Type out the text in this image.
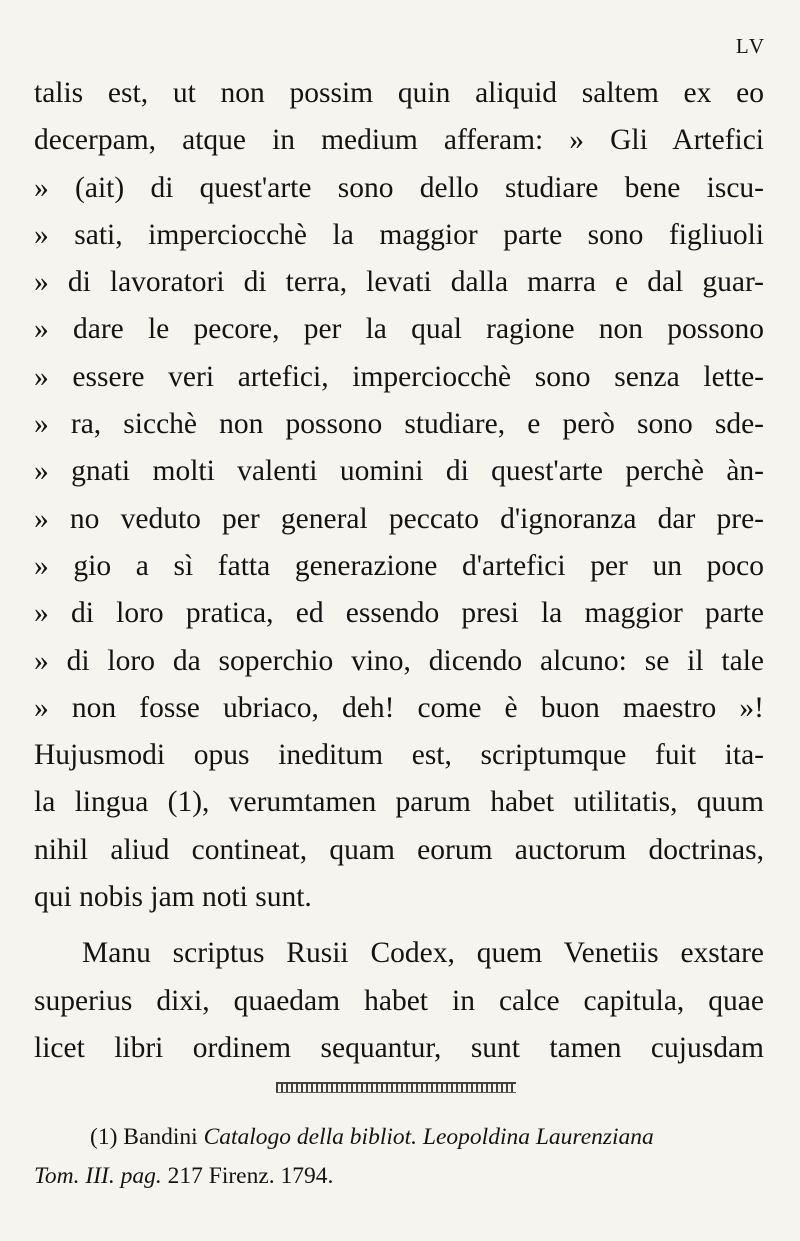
LV
talis est, ut non possim quin aliquid saltem ex eo
decerpam, atque in medium afferam: » Gli Artefici
» (ait) di quest'arte sono dello studiare bene iscu-
» sati, imperciocchè la maggior parte sono figliuoli
» di lavoratori di terra, levati dalla marra e dal guar-
» dare le pecore, per la qual ragione non possono
» essere veri artefici, imperciocchè sono senza lette-
» ra, sicchè non possono studiare, e però sono sde-
» gnati molti valenti uomini di quest'arte perchè àn-
» no veduto per general peccato d'ignoranza dar pre-
» gio a sì fatta generazione d'artefici per un poco
» di loro pratica, ed essendo presi la maggior parte
» di loro da soperchio vino, dicendo alcuno: se il tale
» non fosse ubriaco, deh! come è buon maestro »!
Hujusmodi opus ineditum est, scriptumque fuit ita-
la lingua (1), verumtamen parum habet utilitatis, quum
nihil aliud contineat, quam eorum auctorum doctrinas,
qui nobis jam noti sunt.
Manu scriptus Rusii Codex, quem Venetiis exstare
superius dixi, quaedam habet in calce capitula, quae
licet libri ordinem sequantur, sunt tamen cujusdam
(1) Bandini Catalogo della bibliot. Leopoldina Laurenziana
Tom. III. pag. 217 Firenz. 1794.
